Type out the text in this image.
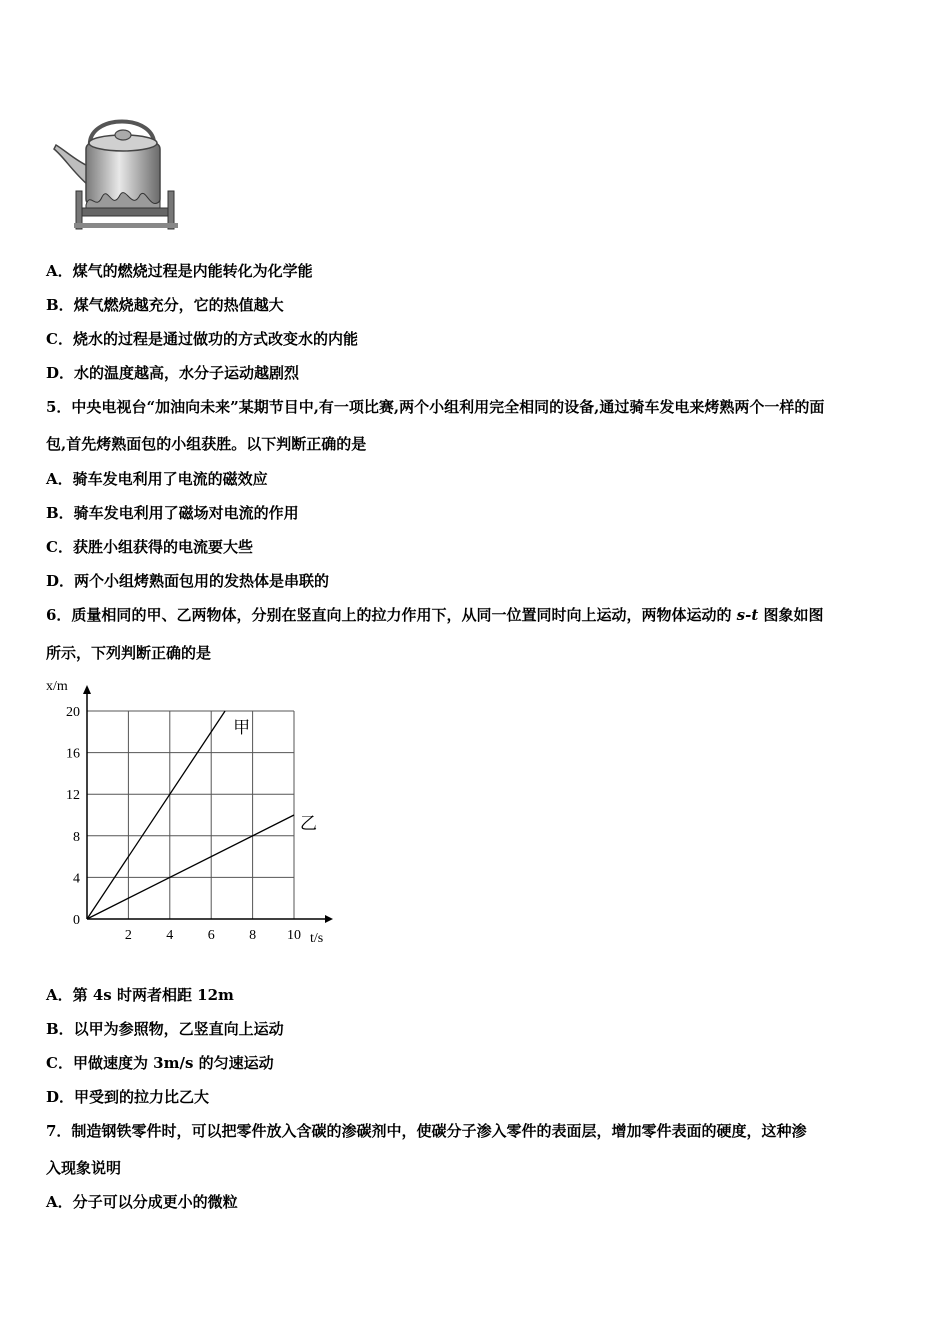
A．煤气的燃烧过程是内能转化为化学能
B．煤气燃烧越充分，它的热值越大
C．烧水的过程是通过做功的方式改变水的内能
D．水的温度越高，水分子运动越剧烈
5．中央电视台“加油向未来”某期节目中,有一项比赛,两个小组利用完全相同的设备,通过骑车发电来烤熟两个一样的面
包,首先烤熟面包的小组获胜。以下判断正确的是
A．骑车发电利用了电流的磁效应
B．骑车发电利用了磁场对电流的作用
C．获胜小组获得的电流要大些
D．两个小组烤熟面包用的发热体是串联的
6．质量相同的甲、乙两物体，分别在竖直向上的拉力作用下，从同一位置同时向上运动，两物体运动的 s-t 图象如图
所示，下列判断正确的是
2 4 6 8 10
0
4
8
12
16
20
甲
乙
x/m
t/s
A．第 4s 时两者相距 12m
B．以甲为参照物，乙竖直向上运动
C．甲做速度为 3m/s 的匀速运动
D．甲受到的拉力比乙大
7．制造钢铁零件时，可以把零件放入含碳的渗碳剂中，使碳分子渗入零件的表面层，增加零件表面的硬度，这种渗
入现象说明
A．分子可以分成更小的微粒
